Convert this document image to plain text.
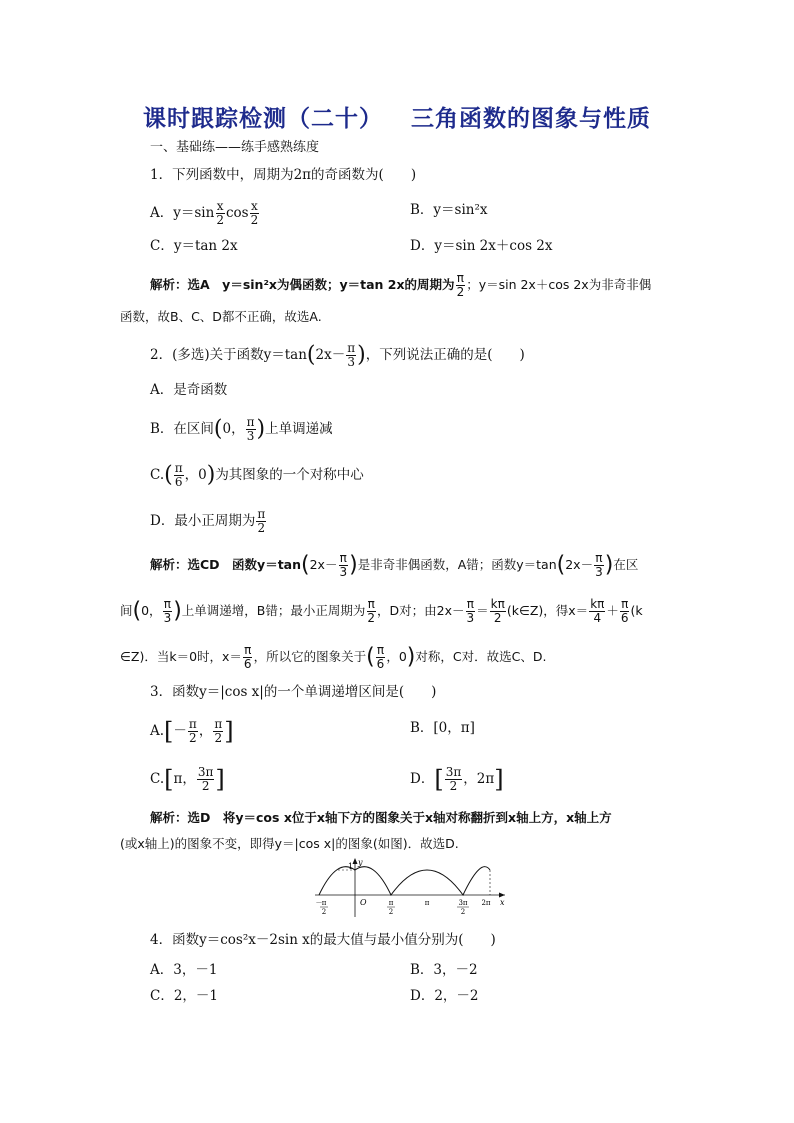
课时跟踪检测（二十） 三角函数的图象与性质
一、基础练——练手感熟练度
1．下列函数中，周期为2π的奇函数为(　　)
A．$y=\sin \frac{x}{2}$ $\cos \frac{x}{2}$	B．y＝sin²x
C．y＝tan 2x	D．y＝sin 2x＋cos 2x
解析：选A　y＝sin²x为偶函数；y＝tan 2x的周期为 $\frac{\pi}{2}$ ；y＝sin 2x＋cos 2x为非奇非偶
函数，故B、C、D都不正确，故选A.
2．(多选)关于函数$y=\tan(2x- \frac{\pi}{3}$ )，下列说法正确的是(　　)
A．是奇函数
B．在区间(0， $\frac{\pi}{3}$ )上单调递减
$C.( \frac{\pi}{6}$ ，0)为其图象的一个对称中心
D．最小正周期为 $\frac{\pi}{2}$
解析：选CD　函数$y=\tan(2x- \frac{\pi}{3}$ )是非奇非偶函数，A错；函数$y=\tan(2x- \frac{\pi}{3}$ )在区
间(0， $\frac{\pi}{3}$ )上单调递增，B错；最小正周期为 $\frac{\pi}{2}$ ，D对；由$2x- \frac{\pi}{3} = \frac{k\pi}{2}$ (k∈Z)，得$x= \frac{k\pi}{4} + \frac{\pi}{6} (k$
∈Z)．当k＝0时，$x= \frac{\pi}{6}$ ，所以它的图象关于( $\frac{\pi}{6}$ ，0)对称，C对．故选C、D.
3．函数y＝|cos x|的一个单调递增区间是(　　)
$A.[- \frac{\pi}{2}$ ， $\frac{\pi}{2}$ ]	B．[0，π]
C.[π， $\frac{3\pi}{2}$ ]	D．[ $\frac{3\pi}{2}$ ，2π]
解析：选D　将y＝cos x位于x轴下方的图象关于x轴对称翻折到x轴上方，x轴上方
(或x轴上)的图象不变，即得y＝|cos x|的图象(如图)．故选D.
y
x
1
O
－ π
2
π
2
π	3π
2
2π
4．函数y＝cos²x－2sin x的最大值与最小值分别为(　　)
A．3，－1	B．3，－2
C．2，－1	D．2，－2
